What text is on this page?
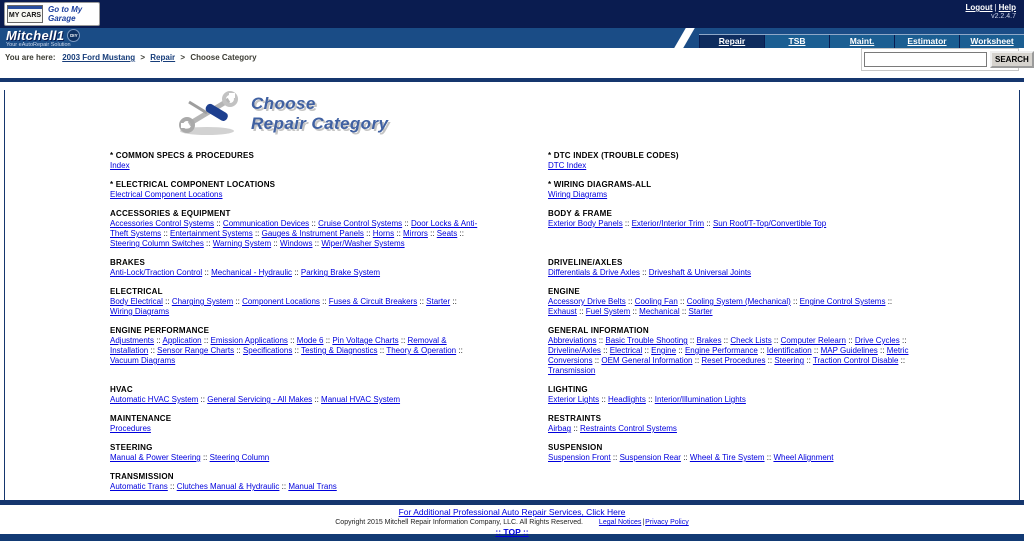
MY CARS
Go to My Garage
Logout | Help
v2.2.4.7
Mitchell1	DIY
Your eAutoRepair Solution	Repair	TSB	Maint.	Estimator	Worksheet
You are here: 2003 Ford Mustang > Repair > Choose Category	SEARCH
Choose
Repair Category
* COMMON SPECS & PROCEDURES
Index
* DTC INDEX (TROUBLE CODES)
DTC Index
* ELECTRICAL COMPONENT LOCATIONS
Electrical Component Locations
* WIRING DIAGRAMS-ALL
Wiring Diagrams
ACCESSORIES & EQUIPMENT
Accessories Control Systems :: Communication Devices :: Cruise Control Systems :: Door Locks & Anti-Theft Systems :: Entertainment Systems :: Gauges & Instrument Panels :: Horns :: Mirrors :: Seats :: Steering Column Switches :: Warning System :: Windows :: Wiper/Washer Systems
BODY & FRAME
Exterior Body Panels :: Exterior/Interior Trim :: Sun Roof/T-Top/Convertible Top
BRAKES
Anti-Lock/Traction Control :: Mechanical - Hydraulic :: Parking Brake System
DRIVELINE/AXLES
Differentials & Drive Axles :: Driveshaft & Universal Joints
ELECTRICAL
Body Electrical :: Charging System :: Component Locations :: Fuses & Circuit Breakers :: Starter :: Wiring Diagrams
ENGINE
Accessory Drive Belts :: Cooling Fan :: Cooling System (Mechanical) :: Engine Control Systems :: Exhaust :: Fuel System :: Mechanical :: Starter
ENGINE PERFORMANCE
Adjustments :: Application :: Emission Applications :: Mode 6 :: Pin Voltage Charts :: Removal & Installation :: Sensor Range Charts :: Specifications :: Testing & Diagnostics :: Theory & Operation :: Vacuum Diagrams
GENERAL INFORMATION
Abbreviations :: Basic Trouble Shooting :: Brakes :: Check Lists :: Computer Relearn :: Drive Cycles :: Driveline/Axles :: Electrical :: Engine :: Engine Performance :: Identification :: MAP Guidelines :: Metric Conversions :: OEM General Information :: Reset Procedures :: Steering :: Traction Control Disable :: Transmission
HVAC
Automatic HVAC System :: General Servicing - All Makes :: Manual HVAC System
LIGHTING
Exterior Lights :: Headlights :: Interior/Illumination Lights
MAINTENANCE
Procedures
RESTRAINTS
Airbag :: Restraints Control Systems
STEERING
Manual & Power Steering :: Steering Column
SUSPENSION
Suspension Front :: Suspension Rear :: Wheel & Tire System :: Wheel Alignment
TRANSMISSION
Automatic Trans :: Clutches Manual & Hydraulic :: Manual Trans
For Additional Professional Auto Repair Services, Click Here
Copyright 2015 Mitchell Repair Information Company, LLC. All Rights Reserved. Legal Notices|Privacy Policy
:: TOP ::
